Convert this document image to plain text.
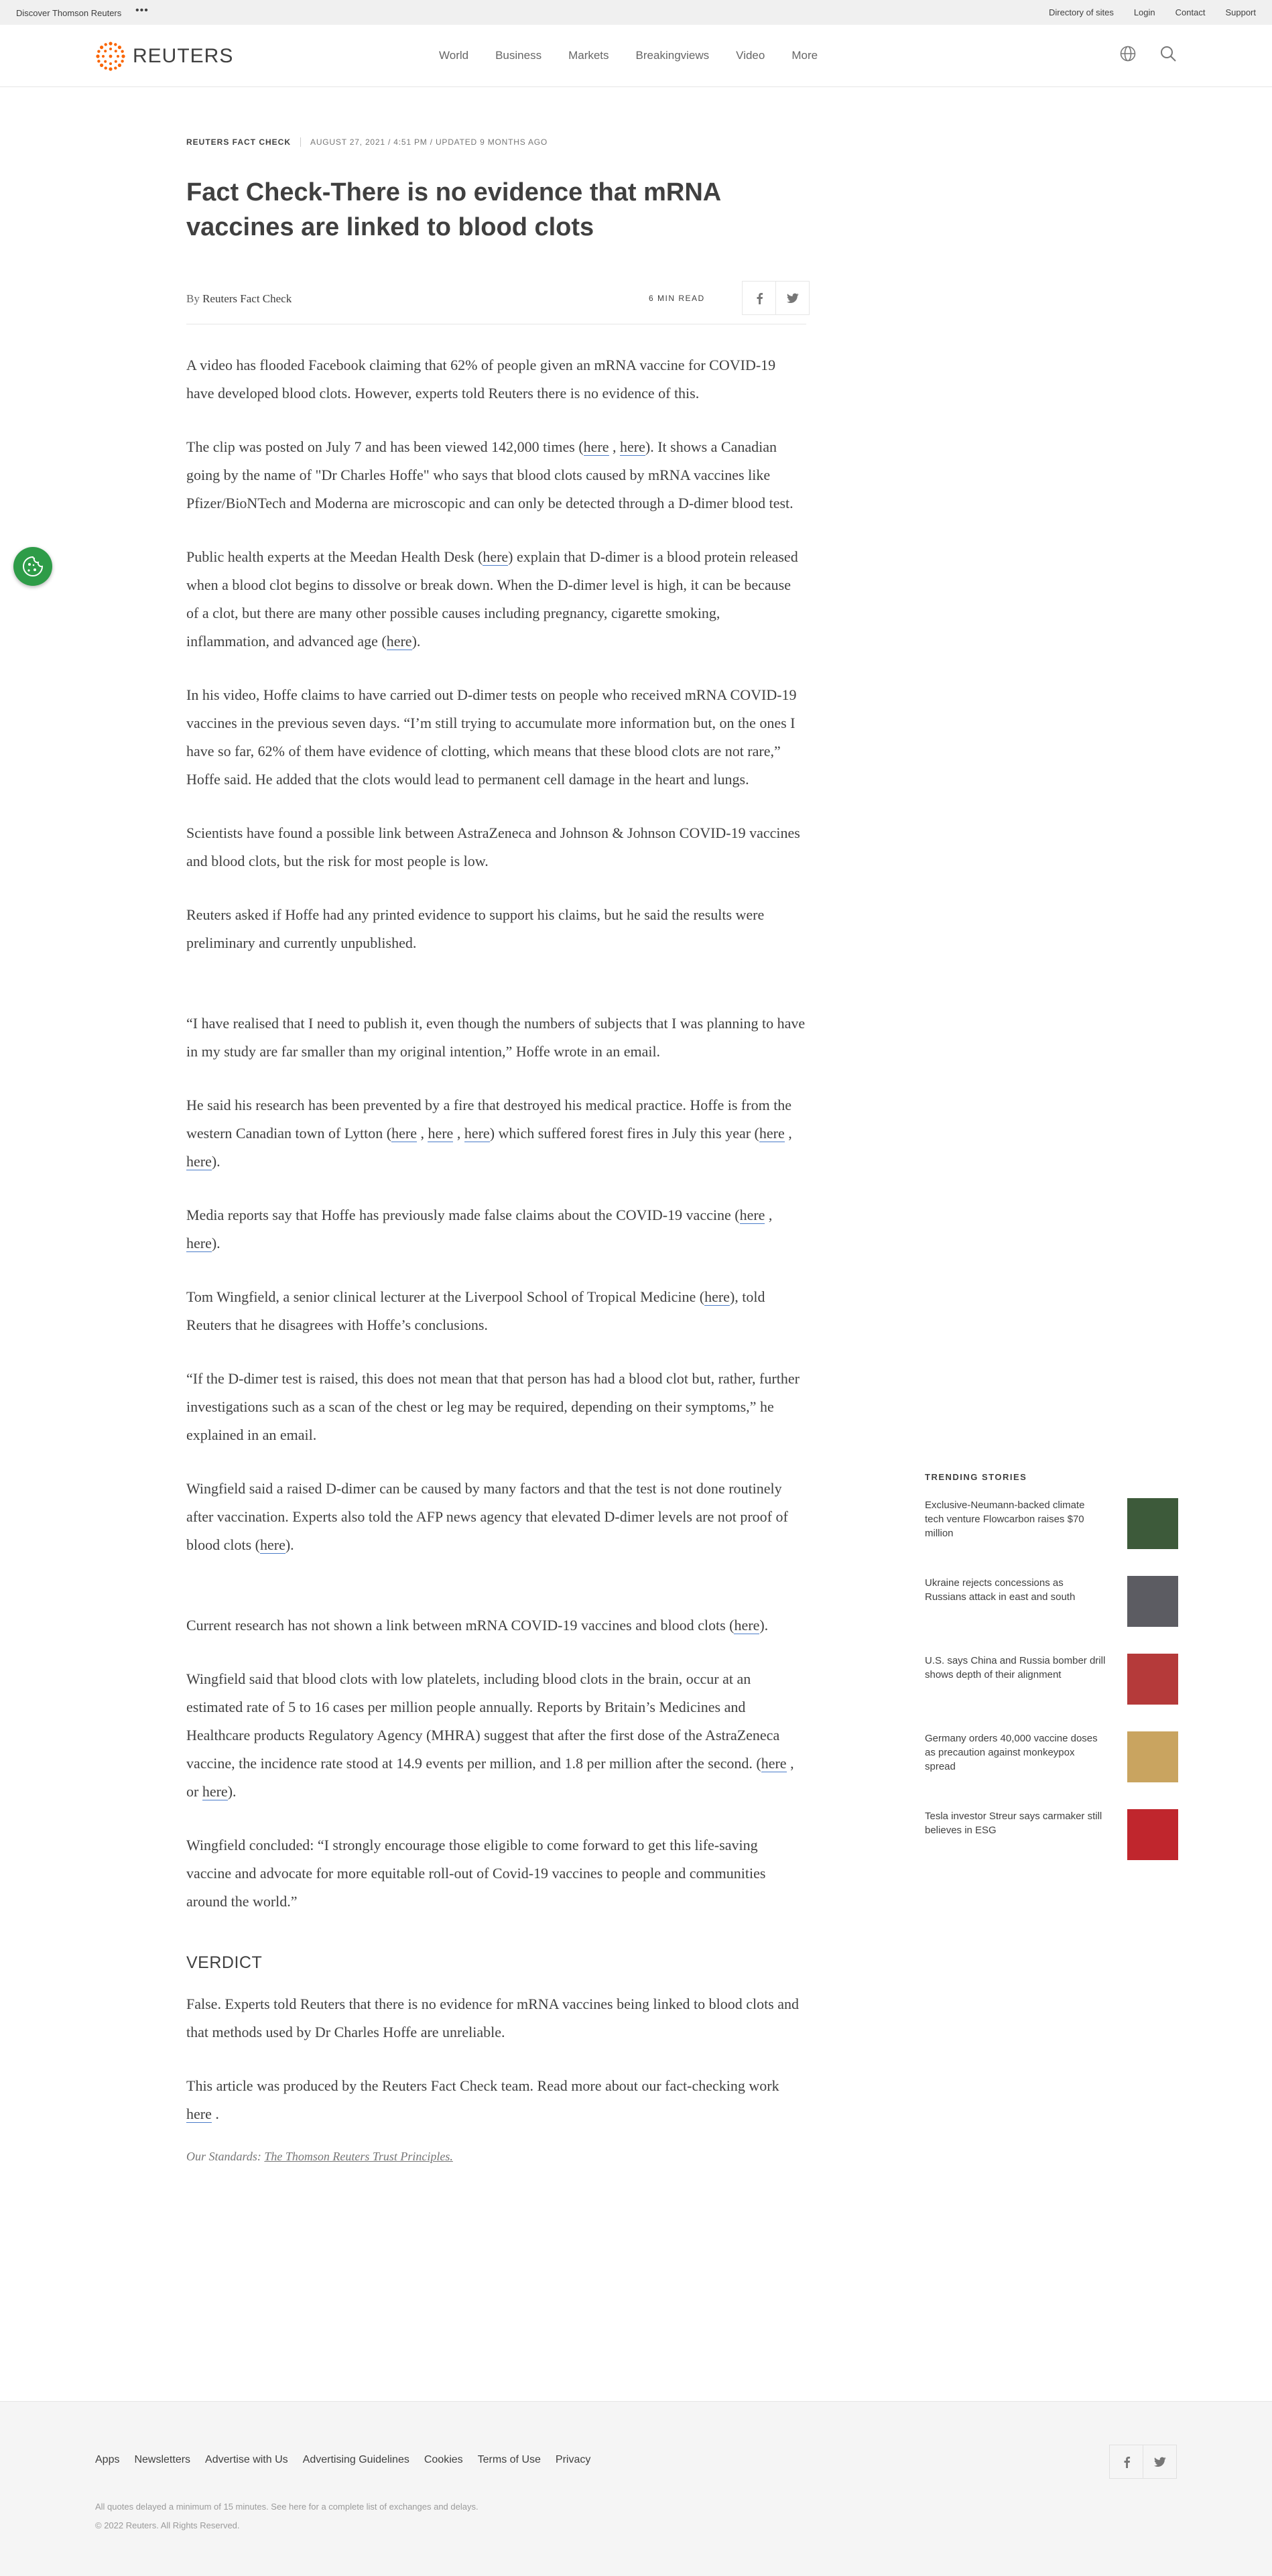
Discover Thomson Reuters •••	Directory of sites Login Contact Support
REUTERS	World Business Markets Breakingviews Video More
REUTERS FACT CHECK AUGUST 27, 2021 / 4:51 PM / UPDATED 9 MONTHS AGO
Fact Check-There is no evidence that mRNA vaccines are linked to blood clots
By Reuters Fact Check	6 MIN READ

A video has flooded Facebook claiming that 62% of people given an mRNA vaccine for COVID-19 have developed blood clots. However, experts told Reuters there is no evidence of this.

The clip was posted on July 7 and has been viewed 142,000 times (here , here). It shows a Canadian going by the name of "Dr Charles Hoffe" who says that blood clots caused by mRNA vaccines like Pfizer/BioNTech and Moderna are microscopic and can only be detected through a D-dimer blood test.

Public health experts at the Meedan Health Desk (here) explain that D-dimer is a blood protein released when a blood clot begins to dissolve or break down. When the D-dimer level is high, it can be because of a clot, but there are many other possible causes including pregnancy, cigarette smoking, inflammation, and advanced age (here).

In his video, Hoffe claims to have carried out D-dimer tests on people who received mRNA COVID-19 vaccines in the previous seven days. “I’m still trying to accumulate more information but, on the ones I have so far, 62% of them have evidence of clotting, which means that these blood clots are not rare,” Hoffe said. He added that the clots would lead to permanent cell damage in the heart and lungs.

Scientists have found a possible link between AstraZeneca and Johnson & Johnson COVID-19 vaccines and blood clots, but the risk for most people is low.

Reuters asked if Hoffe had any printed evidence to support his claims, but he said the results were preliminary and currently unpublished.

“I have realised that I need to publish it, even though the numbers of subjects that I was planning to have in my study are far smaller than my original intention,” Hoffe wrote in an email.

He said his research has been prevented by a fire that destroyed his medical practice. Hoffe is from the western Canadian town of Lytton (here , here , here) which suffered forest fires in July this year (here , here).

Media reports say that Hoffe has previously made false claims about the COVID-19 vaccine (here , here).

Tom Wingfield, a senior clinical lecturer at the Liverpool School of Tropical Medicine (here), told Reuters that he disagrees with Hoffe’s conclusions.

“If the D-dimer test is raised, this does not mean that that person has had a blood clot but, rather, further investigations such as a scan of the chest or leg may be required, depending on their symptoms,” he explained in an email.

Wingfield said a raised D-dimer can be caused by many factors and that the test is not done routinely after vaccination. Experts also told the AFP news agency that elevated D-dimer levels are not proof of blood clots (here).

Current research has not shown a link between mRNA COVID-19 vaccines and blood clots (here).

Wingfield said that blood clots with low platelets, including blood clots in the brain, occur at an estimated rate of 5 to 16 cases per million people annually. Reports by Britain’s Medicines and Healthcare products Regulatory Agency (MHRA) suggest that after the first dose of the AstraZeneca vaccine, the incidence rate stood at 14.9 events per million, and 1.8 per million after the second. (here , or here).

Wingfield concluded: “I strongly encourage those eligible to come forward to get this life-saving vaccine and advocate for more equitable roll-out of Covid-19 vaccines to people and communities around the world.”

VERDICT

False. Experts told Reuters that there is no evidence for mRNA vaccines being linked to blood clots and that methods used by Dr Charles Hoffe are unreliable.

This article was produced by the Reuters Fact Check team. Read more about our fact-checking work here .

Our Standards: The Thomson Reuters Trust Principles.
TRENDING STORIES
Exclusive-Neumann-backed climate tech venture Flowcarbon raises $70 million
Ukraine rejects concessions as Russians attack in east and south
U.S. says China and Russia bomber drill shows depth of their alignment
Germany orders 40,000 vaccine doses as precaution against monkeypox spread
Tesla investor Streur says carmaker still believes in ESG
Apps Newsletters Advertise with Us Advertising Guidelines Cookies Terms of Use Privacy
All quotes delayed a minimum of 15 minutes. See here for a complete list of exchanges and delays.
© 2022 Reuters. All Rights Reserved.
